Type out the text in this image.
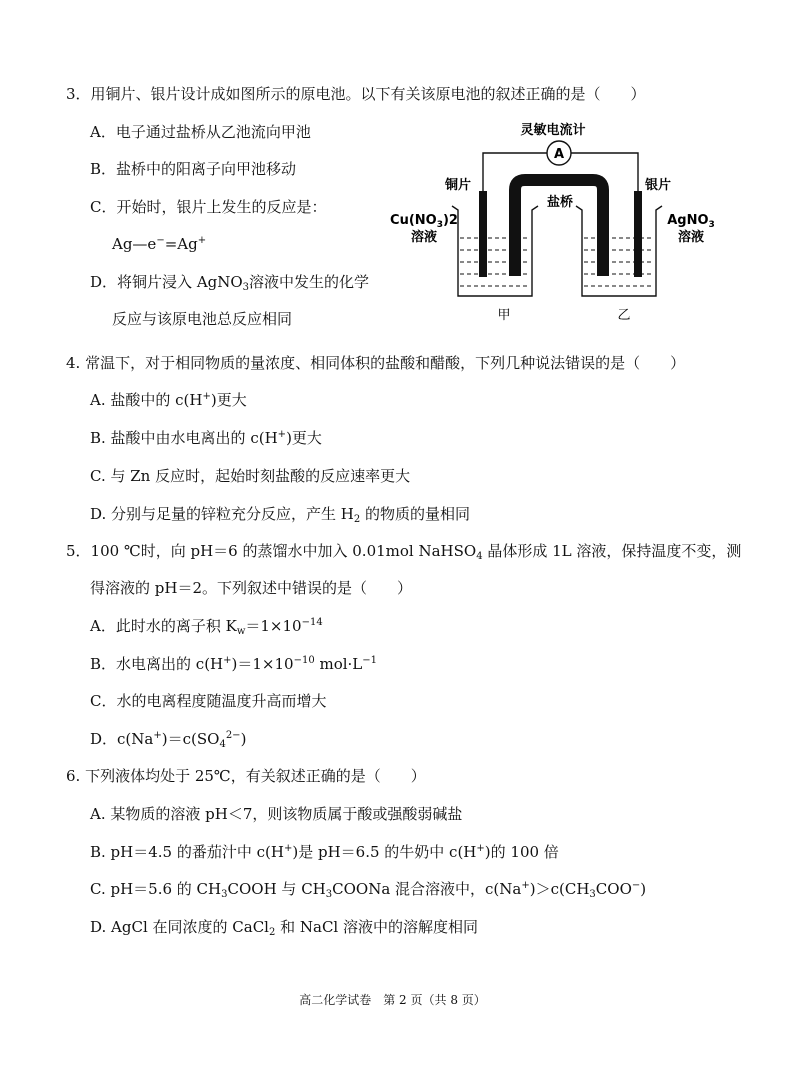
3．用铜片、银片设计成如图所示的原电池。以下有关该原电池的叙述正确的是（　　）
A．电子通过盐桥从乙池流向甲池
B．盐桥中的阳离子向甲池移动
C．开始时，银片上发生的反应是：
Ag—e−=Ag+
D．将铜片浸入 AgNO$_3$溶液中发生的化学
反应与该原电池总反应相同
A
灵敏电流计
铜片	银片
盐桥
$Cu(NO_3)2$
溶液
AgNO$_3$
溶液
甲	乙
4. 常温下，对于相同物质的量浓度、相同体积的盐酸和醋酸，下列几种说法错误的是（　　）
A. 盐酸中的 c(H+)更大
B. 盐酸中由水电离出的 c(H+)更大
C. 与 Zn 反应时，起始时刻盐酸的反应速率更大
D. 分别与足量的锌粒充分反应，产生 $H_2$ 的物质的量相同
5．100 ℃时，向 pH＝6 的蒸馏水中加入 0.01mol NaHSO$_4$ 晶体形成 1L 溶液，保持温度不变，测
得溶液的 pH＝2。下列叙述中错误的是（　　）
A．此时水的离子积 $K_w=1\times 10^{-14}$
B．水电离出的 $c(H^+)=1\times 10^{-10}$ $mol\cdot L^{-1}$
C．水的电离程度随温度升高而增大
D．$c(Na^+)=c(SO_4^{2-})$
6. 下列液体均处于 25℃，有关叙述正确的是（　　）
A. 某物质的溶液 pH＜7，则该物质属于酸或强酸弱碱盐
B. pH＝4.5 的番茄汁中 c(H+)是 pH＝6.5 的牛奶中 c(H+)的 100 倍
C. pH＝5.6 的 $CH_3COOH$ 与 $CH_3COONa$ 混合溶液中，$c(Na^+)>c(CH_3COO^-)$
D. AgCl 在同浓度的 CaCl$_2$ 和 NaCl 溶液中的溶解度相同
高二化学试卷　第 2 页（共 8 页）
